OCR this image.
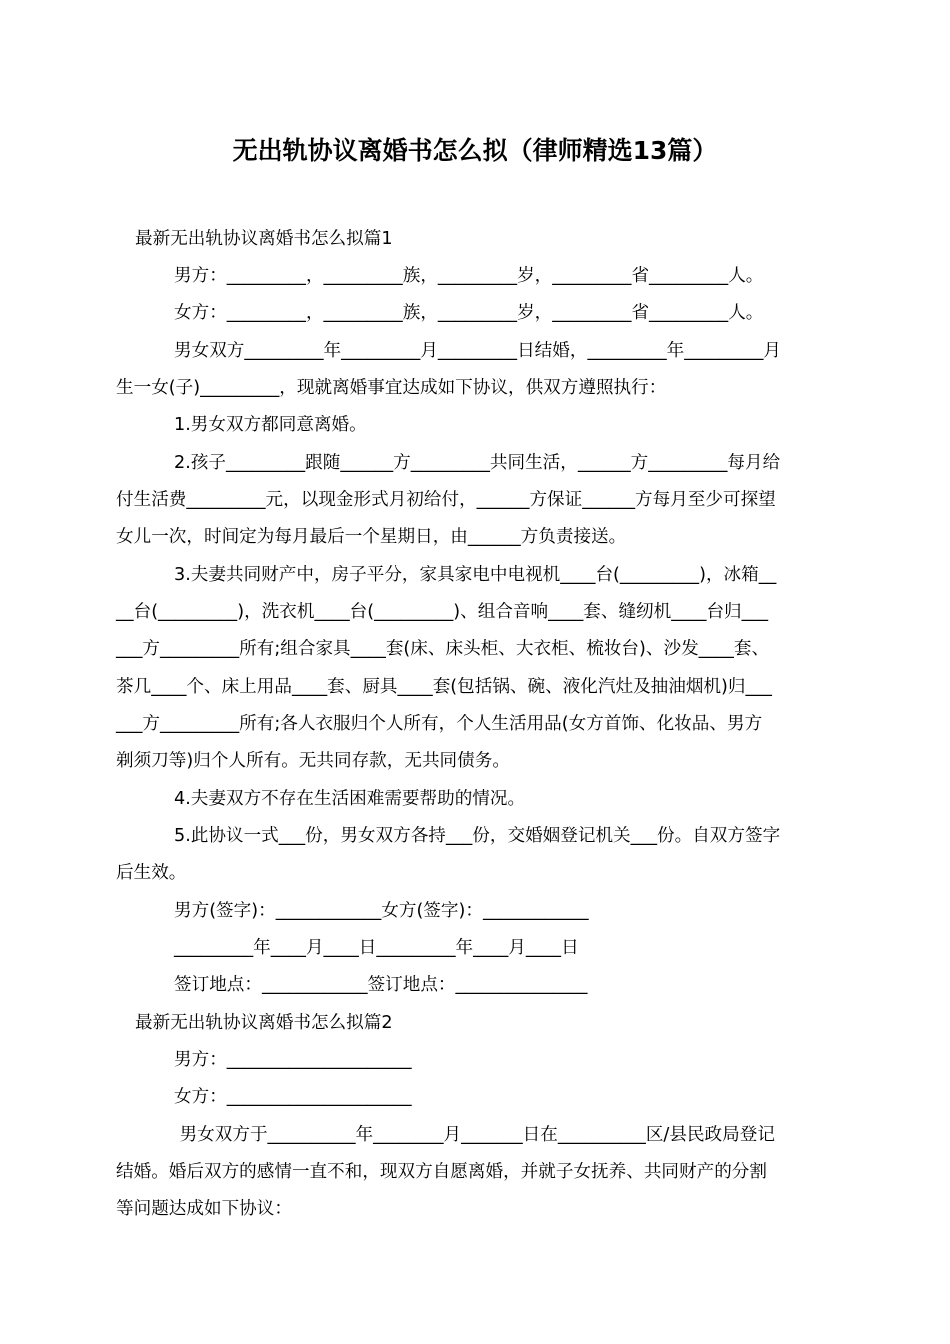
无出轨协议离婚书怎么拟（律师精选13篇）
最新无出轨协议离婚书怎么拟篇1
男方：_________，_________族，_________岁，_________省_________人。
女方：_________，_________族，_________岁，_________省_________人。
男女双方_________年_________月_________日结婚，_________年_________月
生一女(子)_________，现就离婚事宜达成如下协议，供双方遵照执行：
1.男女双方都同意离婚。
2.孩子_________跟随______方_________共同生活，______方_________每月给
付生活费_________元，以现金形式月初给付，______方保证______方每月至少可探望
女儿一次，时间定为每月最后一个星期日，由______方负责接送。
3.夫妻共同财产中，房子平分，家具家电中电视机____台(_________)，冰箱__
__台(_________)，洗衣机____台(_________)、组合音响____套、缝纫机____台归___
___方_________所有;组合家具____套(床、床头柜、大衣柜、梳妆台)、沙发____套、
茶几____个、床上用品____套、厨具____套(包括锅、碗、液化汽灶及抽油烟机)归___
___方_________所有;各人衣服归个人所有，个人生活用品(女方首饰、化妆品、男方
剃须刀等)归个人所有。无共同存款，无共同债务。
4.夫妻双方不存在生活困难需要帮助的情况。
5.此协议一式___份，男女双方各持___份，交婚姻登记机关___份。自双方签字
后生效。
男方(签字)：____________女方(签字)：____________
_________年____月____日_________年____月____日
签订地点：____________签订地点：_______________
最新无出轨协议离婚书怎么拟篇2
男方：_____________________
女方：_____________________
男女双方于__________年________月_______日在__________区/县民政局登记
结婚。婚后双方的感情一直不和，现双方自愿离婚，并就子女抚养、共同财产的分割
等问题达成如下协议：
